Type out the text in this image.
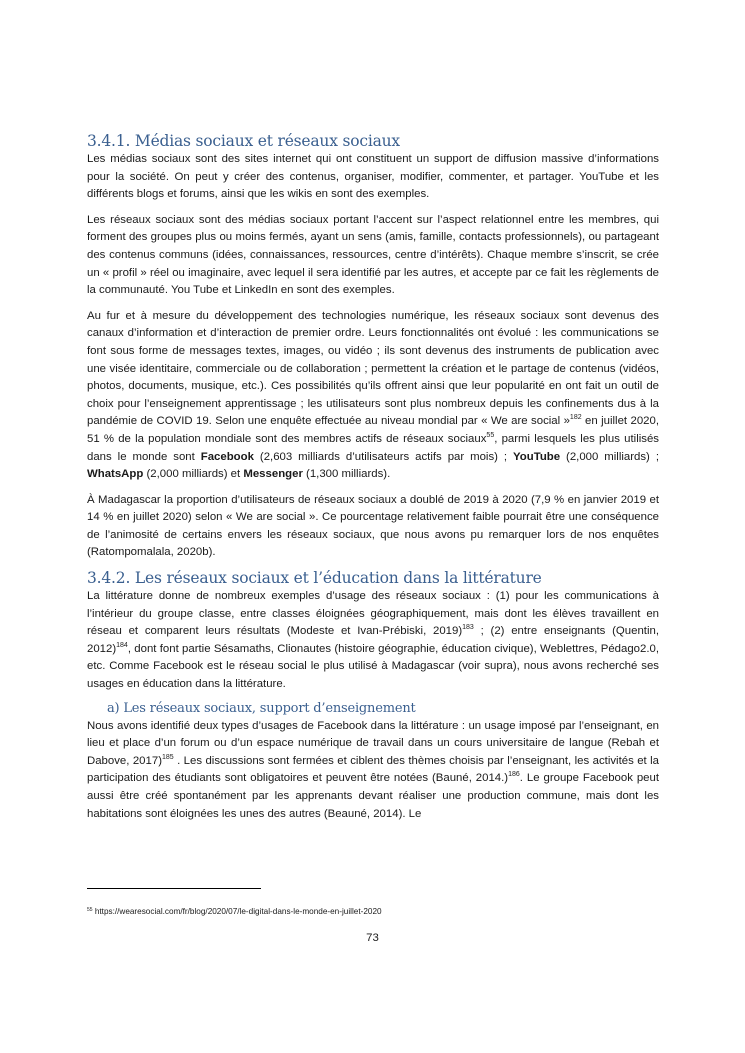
3.4.1. Médias sociaux et réseaux sociaux

Les médias sociaux sont des sites internet qui ont constituent un support de diffusion massive d’informations pour la société. On peut y créer des contenus, organiser, modifier, commenter, et partager. YouTube et les différents blogs et forums, ainsi que les wikis en sont des exemples.

Les réseaux sociaux sont des médias sociaux portant l’accent sur l’aspect relationnel entre les membres, qui forment des groupes plus ou moins fermés, ayant un sens (amis, famille, contacts professionnels), ou partageant des contenus communs (idées, connaissances, ressources, centre d’intérêts). Chaque membre s’inscrit, se crée un « profil » réel ou imaginaire, avec lequel il sera identifié par les autres, et accepte par ce fait les règlements de la communauté. You Tube et LinkedIn en sont des exemples.

Au fur et à mesure du développement des technologies numérique, les réseaux sociaux sont devenus des canaux d’information et d’interaction de premier ordre. Leurs fonctionnalités ont évolué : les communications se font sous forme de messages textes, images, ou vidéo ; ils sont devenus des instruments de publication avec une visée identitaire, commerciale ou de collaboration ; permettent la création et le partage de contenus (vidéos, photos, documents, musique, etc.). Ces possibilités qu’ils offrent ainsi que leur popularité en ont fait un outil de choix pour l’enseignement apprentissage ; les utilisateurs sont plus nombreux depuis les confinements dus à la pandémie de COVID 19. Selon une enquête effectuée au niveau mondial par « We are social »$^{182}$ en juillet 2020, 51 % de la population mondiale sont des membres actifs de réseaux sociaux$^{55}$, parmi lesquels les plus utilisés dans le monde sont Facebook (2,603 milliards d’utilisateurs actifs par mois) ; YouTube (2,000 milliards) ; WhatsApp (2,000 milliards) et Messenger (1,300 milliards).

À Madagascar la proportion d’utilisateurs de réseaux sociaux a doublé de 2019 à 2020 (7,9 % en janvier 2019 et 14 % en juillet 2020) selon « We are social ». Ce pourcentage relativement faible pourrait être une conséquence de l’animosité de certains envers les réseaux sociaux, que nous avons pu remarquer lors de nos enquêtes (Ratompomalala, 2020b).

3.4.2. Les réseaux sociaux et l’éducation dans la littérature

La littérature donne de nombreux exemples d’usage des réseaux sociaux : (1) pour les communications à l’intérieur du groupe classe, entre classes éloignées géographiquement, mais dont les élèves travaillent en réseau et comparent leurs résultats (Modeste et Ivan-Prébiski, 2019)$^{183}$ ; (2) entre enseignants (Quentin, 2012)$^{184}$, dont font partie Sésamaths, Clionautes (histoire géographie, éducation civique), Weblettres, Pédago2.0, etc. Comme Facebook est le réseau social le plus utilisé à Madagascar (voir supra), nous avons recherché ses usages en éducation dans la littérature.

a) Les réseaux sociaux, support d’enseignement

Nous avons identifié deux types d’usages de Facebook dans la littérature : un usage imposé par l’enseignant, en lieu et place d’un forum ou d’un espace numérique de travail dans un cours universitaire de langue (Rebah et Dabove, 2017)$^{185}$ . Les discussions sont fermées et ciblent des thèmes choisis par l’enseignant, les activités et la participation des étudiants sont obligatoires et peuvent être notées (Bauné, 2014.)$^{186}$. Le groupe Facebook peut aussi être créé spontanément par les apprenants devant réaliser une production commune, mais dont les habitations sont éloignées les unes des autres (Beauné, 2014). Le

$^{55}$ https://wearesocial.com/fr/blog/2020/07/le-digital-dans-le-monde-en-juillet-2020
73
